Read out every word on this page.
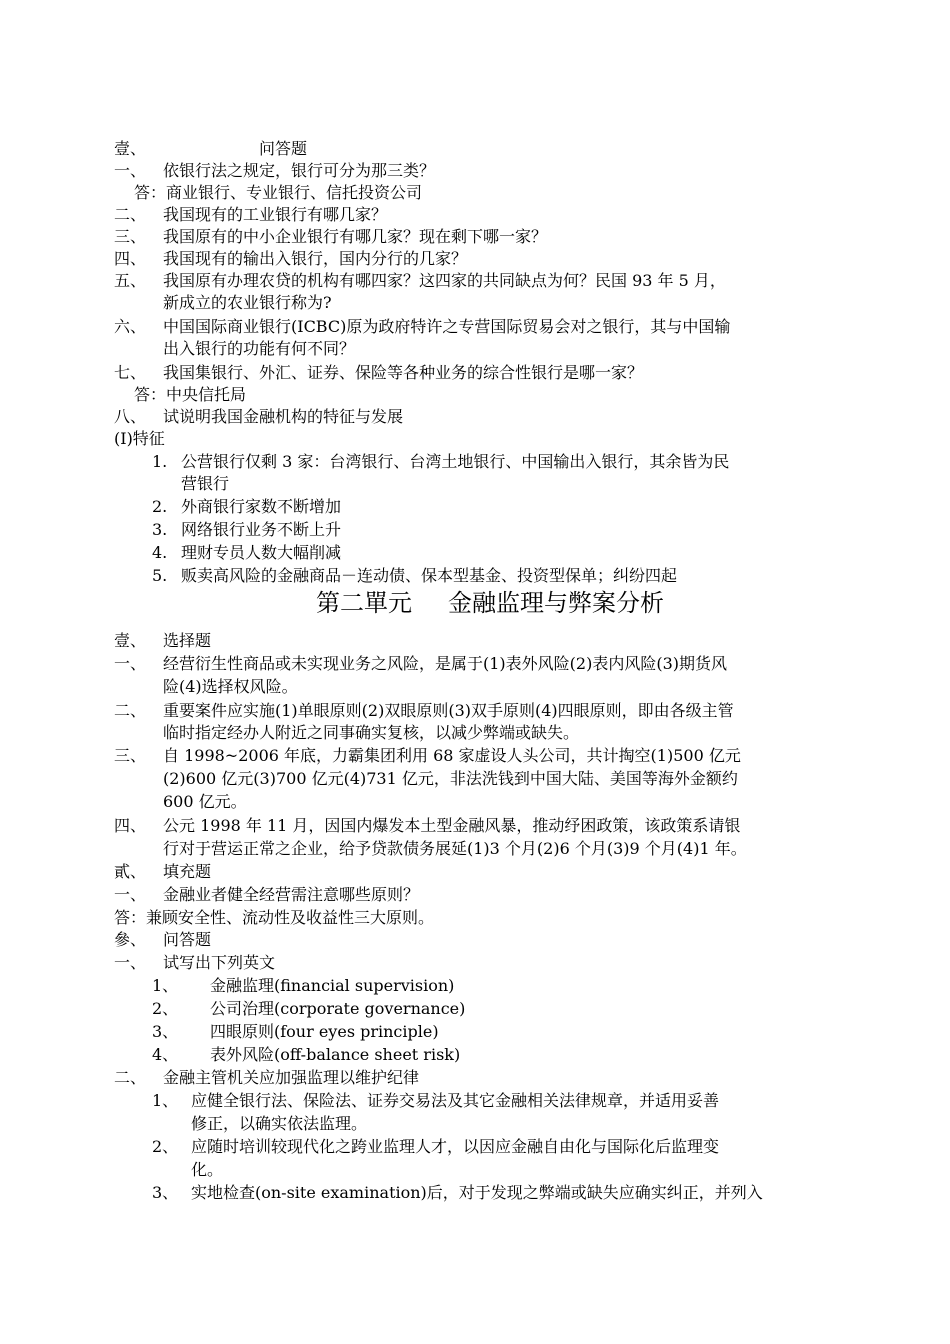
壹、	问答题
一、 依银行法之规定，银行可分为那三类？
答：商业银行、专业银行、信托投资公司
二、 我国现有的工业银行有哪几家？
三、 我国原有的中小企业银行有哪几家？现在剩下哪一家？
四、 我国现有的输出入银行，国内分行的几家？
五、 我国原有办理农贷的机构有哪四家？这四家的共同缺点为何？民国 93 年 5 月，
新成立的农业银行称为?
六、 中国国际商业银行(ICBC)原为政府特许之专营国际贸易会对之银行，其与中国输
出入银行的功能有何不同？
七、 我国集银行、外汇、证券、保险等各种业务的综合性银行是哪一家？
答：中央信托局
八、 试说明我国金融机构的特征与发展
(Ⅰ)特征
1. 公营银行仅剩 3 家：台湾银行、台湾土地银行、中国输出入银行，其余皆为民
营银行
2. 外商银行家数不断增加
3. 网络银行业务不断上升
4. 理财专员人数大幅削减
5. 贩卖高风险的金融商品－连动债、保本型基金、投资型保单；纠纷四起
第二單元 金融监理与弊案分析
壹、 选择题
一、 经营衍生性商品或未实现业务之风险，是属于(1)表外风险(2)表内风险(3)期货风
险(4)选择权风险。
二、 重要案件应实施(1)单眼原则(2)双眼原则(3)双手原则(4)四眼原则，即由各级主管
临时指定经办人附近之同事确实复核，以减少弊端或缺失。
三、 自 1998~2006 年底，力霸集团利用 68 家虚设人头公司，共计掏空(1)500 亿元
(2)600 亿元(3)700 亿元(4)731 亿元，非法洗钱到中国大陆、美国等海外金额约
600 亿元。
四、 公元 1998 年 11 月，因国内爆发本土型金融风暴，推动纾困政策，该政策系请银
行对于营运正常之企业，给予贷款债务展延(1)3 个月(2)6 个月(3)9 个月(4)1 年。
貳、 填充题
一、 金融业者健全经营需注意哪些原则？
答：兼顾安全性、流动性及收益性三大原则。
參、 问答题
一、 试写出下列英文
1、 金融监理(financial supervision)
2、 公司治理(corporate governance)
3、 四眼原则(four eyes principle)
4、 表外风险(off-balance sheet risk)
二、 金融主管机关应加强监理以维护纪律
1、 应健全银行法、保险法、证券交易法及其它金融相关法律规章，并适用妥善
修正，以确实依法监理。
2、 应随时培训较现代化之跨业监理人才，以因应金融自由化与国际化后监理变
化。
3、 实地检查(on-site examination)后，对于发现之弊端或缺失应确实纠正，并列入
